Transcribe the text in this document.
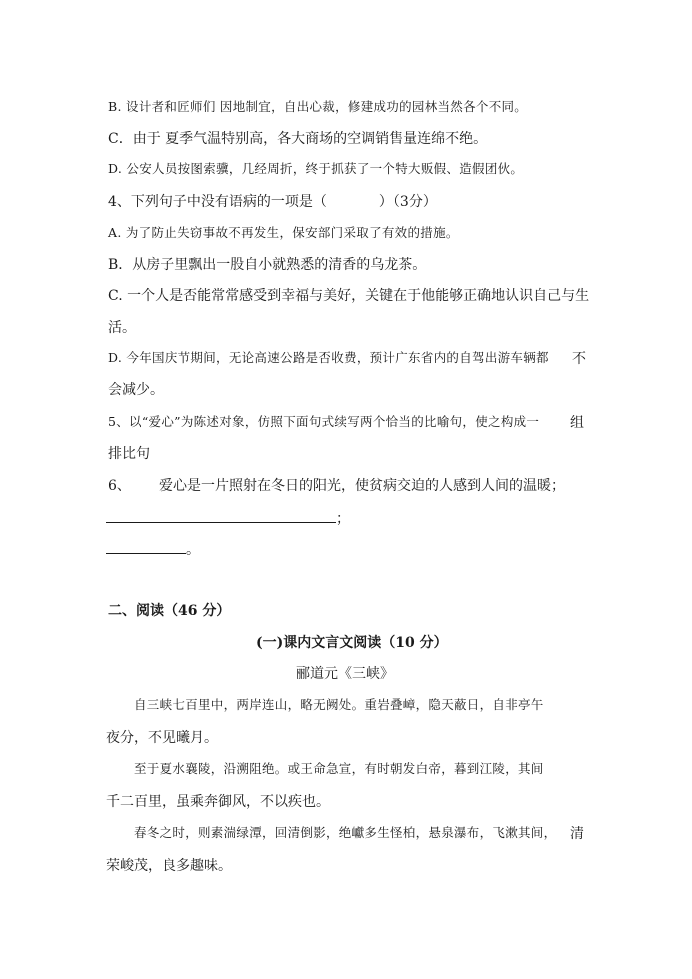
B. 设计者和匠师们 因地制宜，自出心裁，修建成功的园林当然各个不同。
C．由于 夏季气温特别高，各大商场的空调销售量连绵不绝。
D. 公安人员按图索骥，几经周折，终于抓获了一个特大贩假、造假团伙。
4、下列句子中没有语病的一项是（	）（3分）
A. 为了防止失窃事故不再发生，保安部门采取了有效的措施。
B．从房子里飘出一股自小就熟悉的清香的乌龙茶。
C. 一个人是否能常常感受到幸福与美好，关键在于他能够正确地认识自己与生
活。
D. 今年国庆节期间，无论高速公路是否收费，预计广东省内的自驾出游车辆都 不
会减少。
5、以“爱心”为陈述对象，仿照下面句式续写两个恰当的比喻句，使之构成一 组
排比句
6、 爱心是一片照射在冬日的阳光，使贫病交迫的人感到人间的温暖；
；
。
二、阅读（46 分）
(一)课内文言文阅读（10 分）
郦道元《三峡》
自三峡七百里中，两岸连山，略无阙处。重岩叠嶂，隐天蔽日，自非亭午
夜分，不见曦月。
至于夏水襄陵，沿溯阻绝。或王命急宣，有时朝发白帝，暮到江陵，其间
千二百里，虽乘奔御风，不以疾也。
春冬之时，则素湍绿潭，回清倒影，绝巘多生怪柏，悬泉瀑布，飞漱其间， 清
荣峻茂，良多趣味。
